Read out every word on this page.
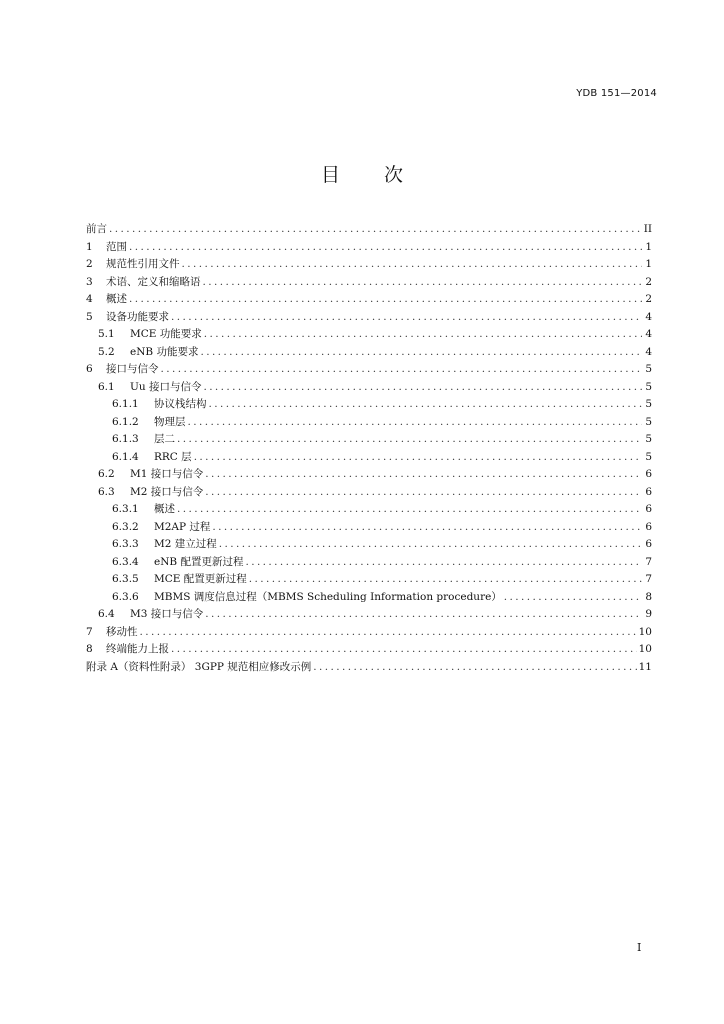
YDB 151—2014
目 次
前言 .....	II
1	范围 .....	1
2	规范性引用文件 .....	1
3	术语、定义和缩略语 .....	2
4	概述 .....	2
5	设备功能要求 .....	4
5.1	MCE 功能要求 .....	4
5.2	eNB 功能要求 .....	4
6	接口与信令 .....	5
6.1	Uu 接口与信令 .....	5
6.1.1	协议栈结构 .....	5
6.1.2	物理层 .....	5
6.1.3	层二 .....	5
6.1.4	RRC 层 .....	5
6.2	M1 接口与信令 .....	6
6.3	M2 接口与信令 .....	6
6.3.1	概述 .....	6
6.3.2	M2AP 过程 .....	6
6.3.3	M2 建立过程 .....	6
6.3.4	eNB 配置更新过程 .....	7
6.3.5	MCE 配置更新过程 .....	7
6.3.6	MBMS 调度信息过程（MBMS Scheduling Information procedure） .....	8
6.4	M3 接口与信令 .....	9
7	移动性 .....	10
8	终端能力上报 .....	10
附录 A（资料性附录） 3GPP 规范相应修改示例 .....	11
I
